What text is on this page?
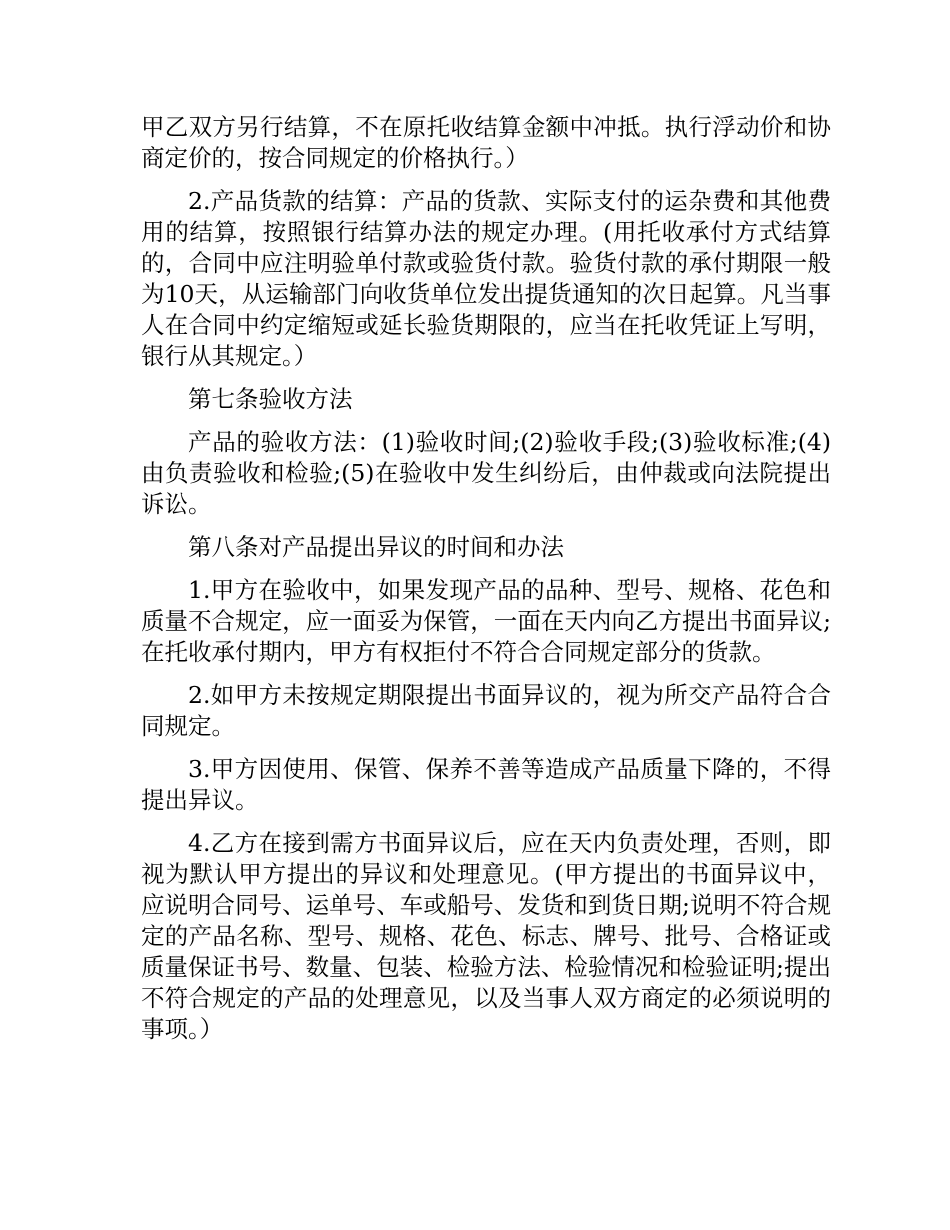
甲乙双方另行结算，不在原托收结算金额中冲抵。执行浮动价和协商定价的，按合同规定的价格执行。）

2.产品货款的结算：产品的货款、实际支付的运杂费和其他费用的结算，按照银行结算办法的规定办理。(用托收承付方式结算的，合同中应注明验单付款或验货付款。验货付款的承付期限一般为10天，从运输部门向收货单位发出提货通知的次日起算。凡当事人在合同中约定缩短或延长验货期限的，应当在托收凭证上写明，银行从其规定。）

第七条验收方法

产品的验收方法：(1)验收时间;(2)验收手段;(3)验收标准;(4)由负责验收和检验;(5)在验收中发生纠纷后，由仲裁或向法院提出诉讼。

第八条对产品提出异议的时间和办法

1.甲方在验收中，如果发现产品的品种、型号、规格、花色和质量不合规定，应一面妥为保管，一面在天内向乙方提出书面异议;在托收承付期内，甲方有权拒付不符合合同规定部分的货款。

2.如甲方未按规定期限提出书面异议的，视为所交产品符合合同规定。

3.甲方因使用、保管、保养不善等造成产品质量下降的，不得提出异议。

4.乙方在接到需方书面异议后，应在天内负责处理，否则，即视为默认甲方提出的异议和处理意见。(甲方提出的书面异议中，应说明合同号、运单号、车或船号、发货和到货日期;说明不符合规定的产品名称、型号、规格、花色、标志、牌号、批号、合格证或质量保证书号、数量、包装、检验方法、检验情况和检验证明;提出不符合规定的产品的处理意见，以及当事人双方商定的必须说明的事项。）
